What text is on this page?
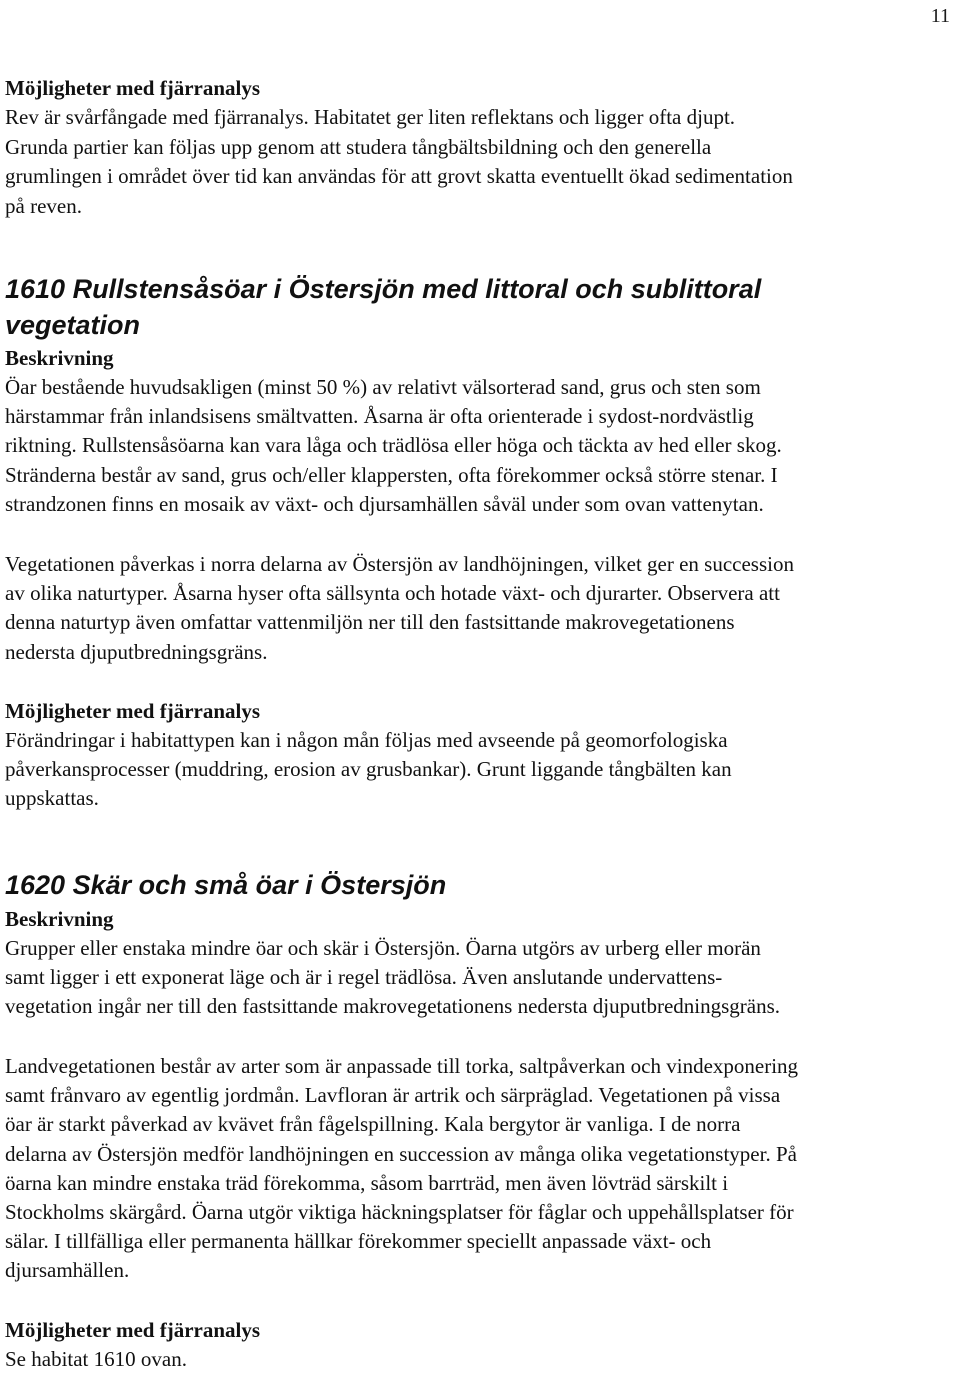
11
Möjligheter med fjärranalys
Rev är svårfångade med fjärranalys. Habitatet ger liten reflektans och ligger ofta djupt.
Grunda partier kan följas upp genom att studera tångbältsbildning och den generella
grumlingen i området över tid kan användas för att grovt skatta eventuellt ökad sedimentation
på reven.
1610 Rullstensåsöar i Östersjön med littoral och sublittoral
vegetation
Beskrivning
Öar bestående huvudsakligen (minst 50 %) av relativt välsorterad sand, grus och sten som
härstammar från inlandsisens smältvatten. Åsarna är ofta orienterade i sydost-nordvästlig
riktning. Rullstensåsöarna kan vara låga och trädlösa eller höga och täckta av hed eller skog.
Stränderna består av sand, grus och/eller klappersten, ofta förekommer också större stenar. I
strandzonen finns en mosaik av växt- och djursamhällen såväl under som ovan vattenytan.
Vegetationen påverkas i norra delarna av Östersjön av landhöjningen, vilket ger en succession
av olika naturtyper. Åsarna hyser ofta sällsynta och hotade växt- och djurarter. Observera att
denna naturtyp även omfattar vattenmiljön ner till den fastsittande makrovegetationens
nedersta djuputbredningsgräns.
Möjligheter med fjärranalys
Förändringar i habitattypen kan i någon mån följas med avseende på geomorfologiska
påverkansprocesser (muddring, erosion av grusbankar). Grunt liggande tångbälten kan
uppskattas.
1620 Skär och små öar i Östersjön
Beskrivning
Grupper eller enstaka mindre öar och skär i Östersjön. Öarna utgörs av urberg eller morän
samt ligger i ett exponerat läge och är i regel trädlösa. Även anslutande undervattens-
vegetation ingår ner till den fastsittande makrovegetationens nedersta djuputbredningsgräns.
Landvegetationen består av arter som är anpassade till torka, saltpåverkan och vindexponering
samt frånvaro av egentlig jordmån. Lavfloran är artrik och särpräglad. Vegetationen på vissa
öar är starkt påverkad av kvävet från fågelspillning. Kala bergytor är vanliga. I de norra
delarna av Östersjön medför landhöjningen en succession av många olika vegetationstyper. På
öarna kan mindre enstaka träd förekomma, såsom barrträd, men även lövträd särskilt i
Stockholms skärgård. Öarna utgör viktiga häckningsplatser för fåglar och uppehållsplatser för
sälar. I tillfälliga eller permanenta hällkar förekommer speciellt anpassade växt- och
djursamhällen.
Möjligheter med fjärranalys
Se habitat 1610 ovan.
